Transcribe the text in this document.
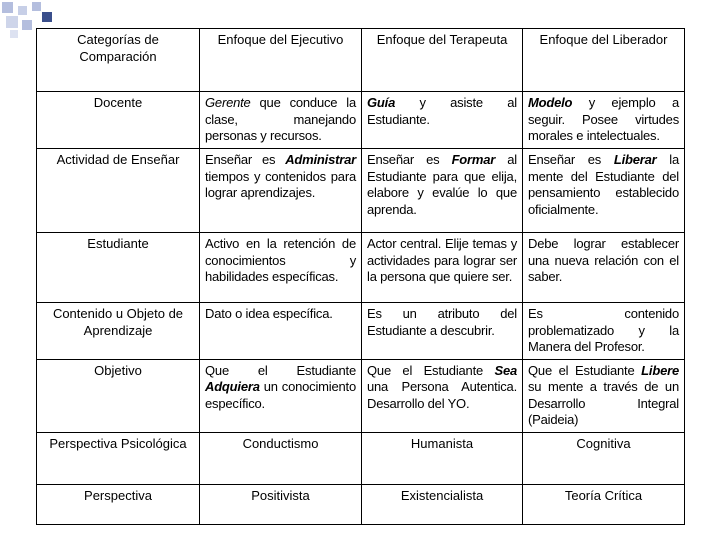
Categorías de Comparación	Enfoque del Ejecutivo	Enfoque del Terapeuta	Enfoque del Liberador
Docente	Gerente que conduce la clase, manejando personas y recursos.	Guía y asiste al Estudiante.	Modelo y ejemplo a seguir. Posee virtudes morales e intelectuales.
Actividad de Enseñar	Enseñar es Administrar tiempos y contenidos para lograr aprendizajes.	Enseñar es Formar al Estudiante para que elija, elabore y evalúe lo que aprenda.	Enseñar es Liberar la mente del Estudiante del pensamiento establecido oficialmente.
Estudiante	Activo en la retención de conocimientos y habilidades específicas.	Actor central. Elije temas y actividades para lograr ser la persona que quiere ser.	Debe lograr establecer una nueva relación con el saber.
Contenido u Objeto de Aprendizaje	Dato o idea específica.	Es un atributo del Estudiante a descubrir.	Es contenido problematizado y la Manera del Profesor.
Objetivo	Que el Estudiante Adquiera un conocimiento específico.	Que el Estudiante Sea una Persona Autentica. Desarrollo del YO.	Que el Estudiante Libere su mente a través de un Desarrollo Integral (Paideia)
Perspectiva Psicológica	Conductismo	Humanista	Cognitiva
Perspectiva	Positivista	Existencialista	Teoría Crítica
